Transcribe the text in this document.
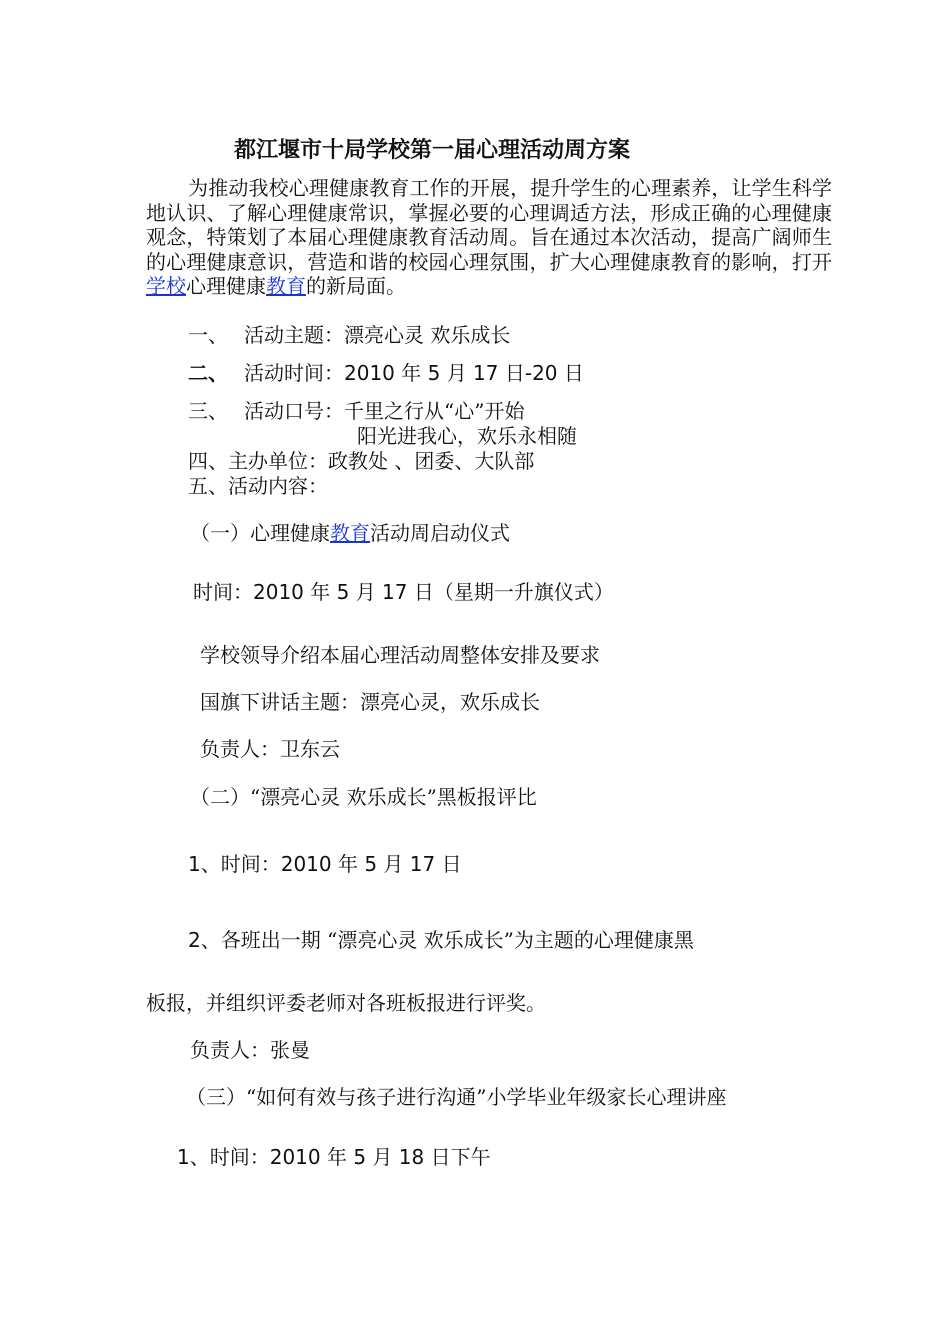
都江堰市十局学校第一届心理活动周方案
为推动我校心理健康教育工作的开展，提升学生的心理素养，让学生科学地认识、了解心理健康常识，掌握必要的心理调适方法，形成正确的心理健康观念，特策划了本届心理健康教育活动周。旨在通过本次活动，提高广阔师生的心理健康意识，营造和谐的校园心理氛围，扩大心理健康教育的影响，打开学校心理健康教育的新局面。
一、 活动主题：漂亮心灵 欢乐成长
二、 活动时间：2010 年 5 月 17 日-20 日
三、 活动口号：千里之行从“心”开始
阳光进我心，欢乐永相随
四、主办单位：政教处 、团委、大队部
五、活动内容：
（一）心理健康教育活动周启动仪式
时间：2010 年 5 月 17 日（星期一升旗仪式）
学校领导介绍本届心理活动周整体安排及要求
国旗下讲话主题：漂亮心灵，欢乐成长
负责人：卫东云
（二）“漂亮心灵 欢乐成长”黑板报评比
1、时间：2010 年 5 月 17 日
2、各班出一期 “漂亮心灵 欢乐成长”为主题的心理健康黑
板报，并组织评委老师对各班板报进行评奖。
负责人：张曼
（三）“如何有效与孩子进行沟通”小学毕业年级家长心理讲座
1、时间：2010 年 5 月 18 日下午
